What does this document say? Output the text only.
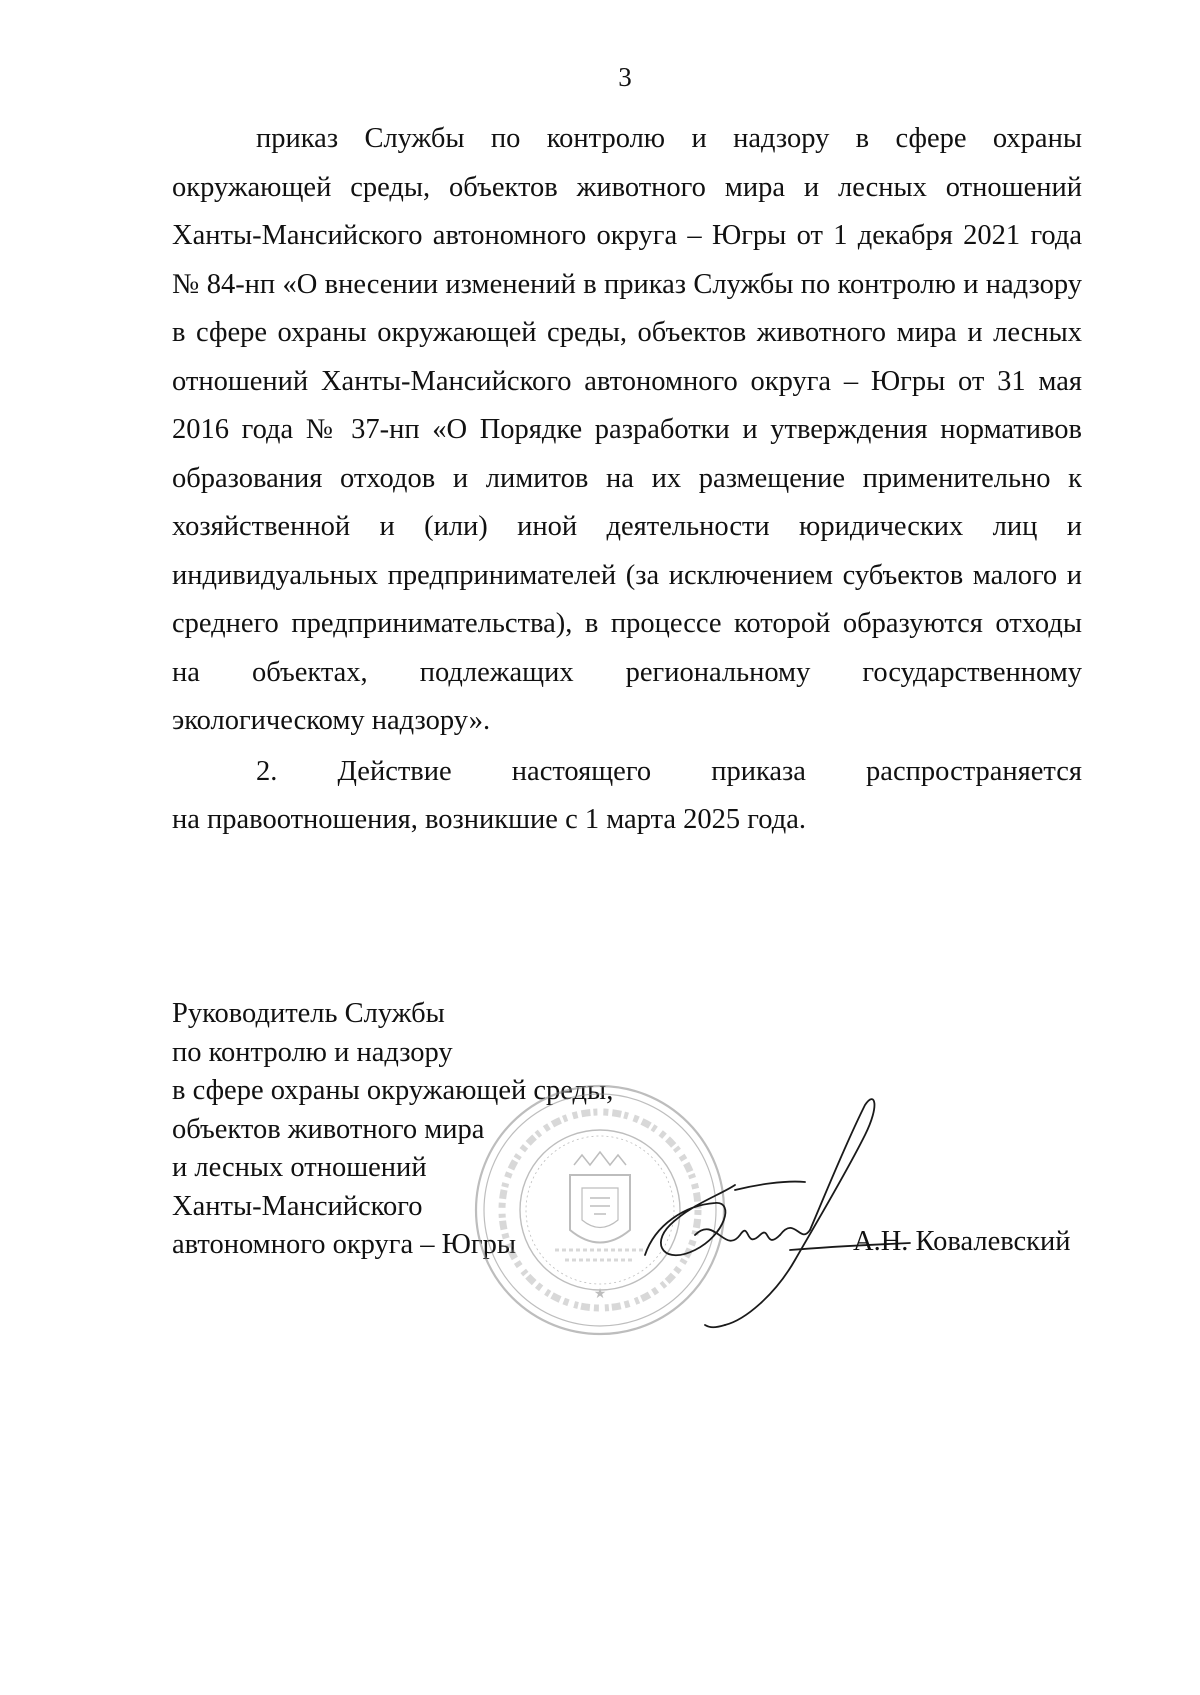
3

приказ Службы по контролю и надзору в сфере охраны окружающей среды, объектов животного мира и лесных отношений Ханты-Мансийского автономного округа – Югры от 1 декабря 2021 года № 84-нп «О внесении изменений в приказ Службы по контролю и надзору в сфере охраны окружающей среды, объектов животного мира и лесных отношений Ханты-Мансийского автономного округа – Югры от 31 мая 2016 года № 37-нп «О Порядке разработки и утверждения нормативов образования отходов и лимитов на их размещение применительно к хозяйственной и (или) иной деятельности юридических лиц и индивидуальных предпринимателей (за исключением субъектов малого и среднего предпринимательства), в процессе которой образуются отходы на объектах, подлежащих региональному государственному экологическому надзору».

2. Действие настоящего приказа распространяется

на правоотношения, возникшие с 1 марта 2025 года.

Руководитель Службы
по контролю и надзору
в сфере охраны окружающей среды,
объектов животного мира
и лесных отношений
Ханты-Мансийского
автономного округа – Югры
★
А.Н. Ковалевский
